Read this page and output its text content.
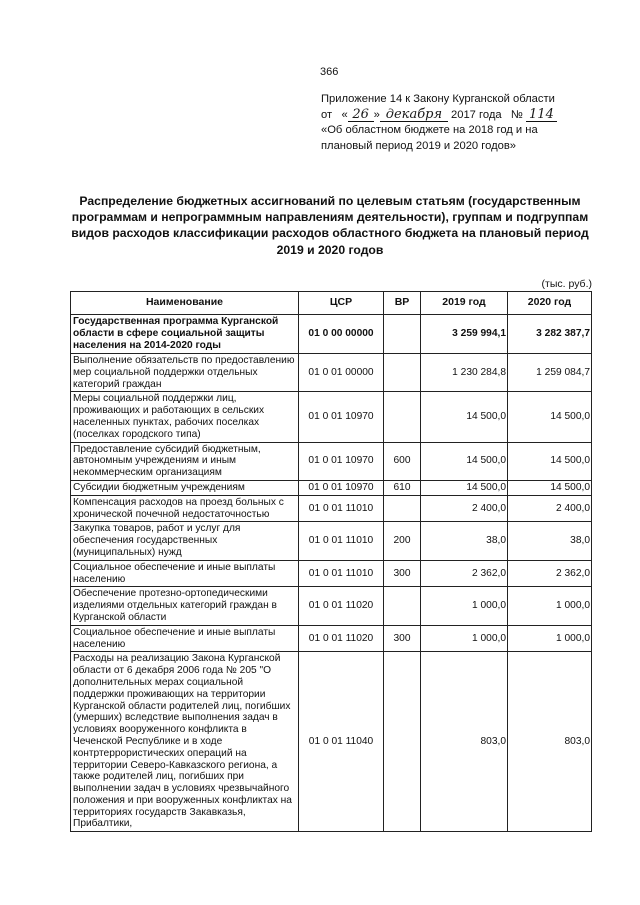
366
Приложение 14 к Закону Курганской области
от « 26 » декабря 2017 года № 114
«Об областном бюджете на 2018 год и на
плановый период 2019 и 2020 годов»
Распределение бюджетных ассигнований по целевым статьям (государственным программам и непрограммным направлениям деятельности), группам и подгруппам видов расходов классификации расходов областного бюджета на плановый период 2019 и 2020 годов
(тыс. руб.)
Наименование	ЦСР	ВР	2019 год	2020 год
Государственная программа Курганской области в сфере социальной защиты населения на 2014-2020 годы	01 0 00 00000		3 259 994,1	3 282 387,7
Выполнение обязательств по предоставлению мер социальной поддержки отдельных категорий граждан	01 0 01 00000		1 230 284,8	1 259 084,7
Меры социальной поддержки лиц, проживающих и работающих в сельских населенных пунктах, рабочих поселках (поселках городского типа)	01 0 01 10970		14 500,0	14 500,0
Предоставление субсидий бюджетным, автономным учреждениям и иным некоммерческим организациям	01 0 01 10970	600	14 500,0	14 500,0
Субсидии бюджетным учреждениям	01 0 01 10970	610	14 500,0	14 500,0
Компенсация расходов на проезд больных с хронической почечной недостаточностью	01 0 01 11010		2 400,0	2 400,0
Закупка товаров, работ и услуг для обеспечения государственных (муниципальных) нужд	01 0 01 11010	200	38,0	38,0
Социальное обеспечение и иные выплаты населению	01 0 01 11010	300	2 362,0	2 362,0
Обеспечение протезно-ортопедическими изделиями отдельных категорий граждан в Курганской области	01 0 01 11020		1 000,0	1 000,0
Социальное обеспечение и иные выплаты населению	01 0 01 11020	300	1 000,0	1 000,0
Расходы на реализацию Закона Курганской области от 6 декабря 2006 года № 205 "О дополнительных мерах социальной поддержки проживающих на территории Курганской области родителей лиц, погибших (умерших) вследствие выполнения задач в условиях вооруженного конфликта в Чеченской Республике и в ходе контртеррористических операций на территории Северо-Кавказского региона, а также родителей лиц, погибших при выполнении задач в условиях чрезвычайного положения и при вооруженных конфликтах на территориях государств Закавказья, Прибалтики,	01 0 01 11040		803,0	803,0
